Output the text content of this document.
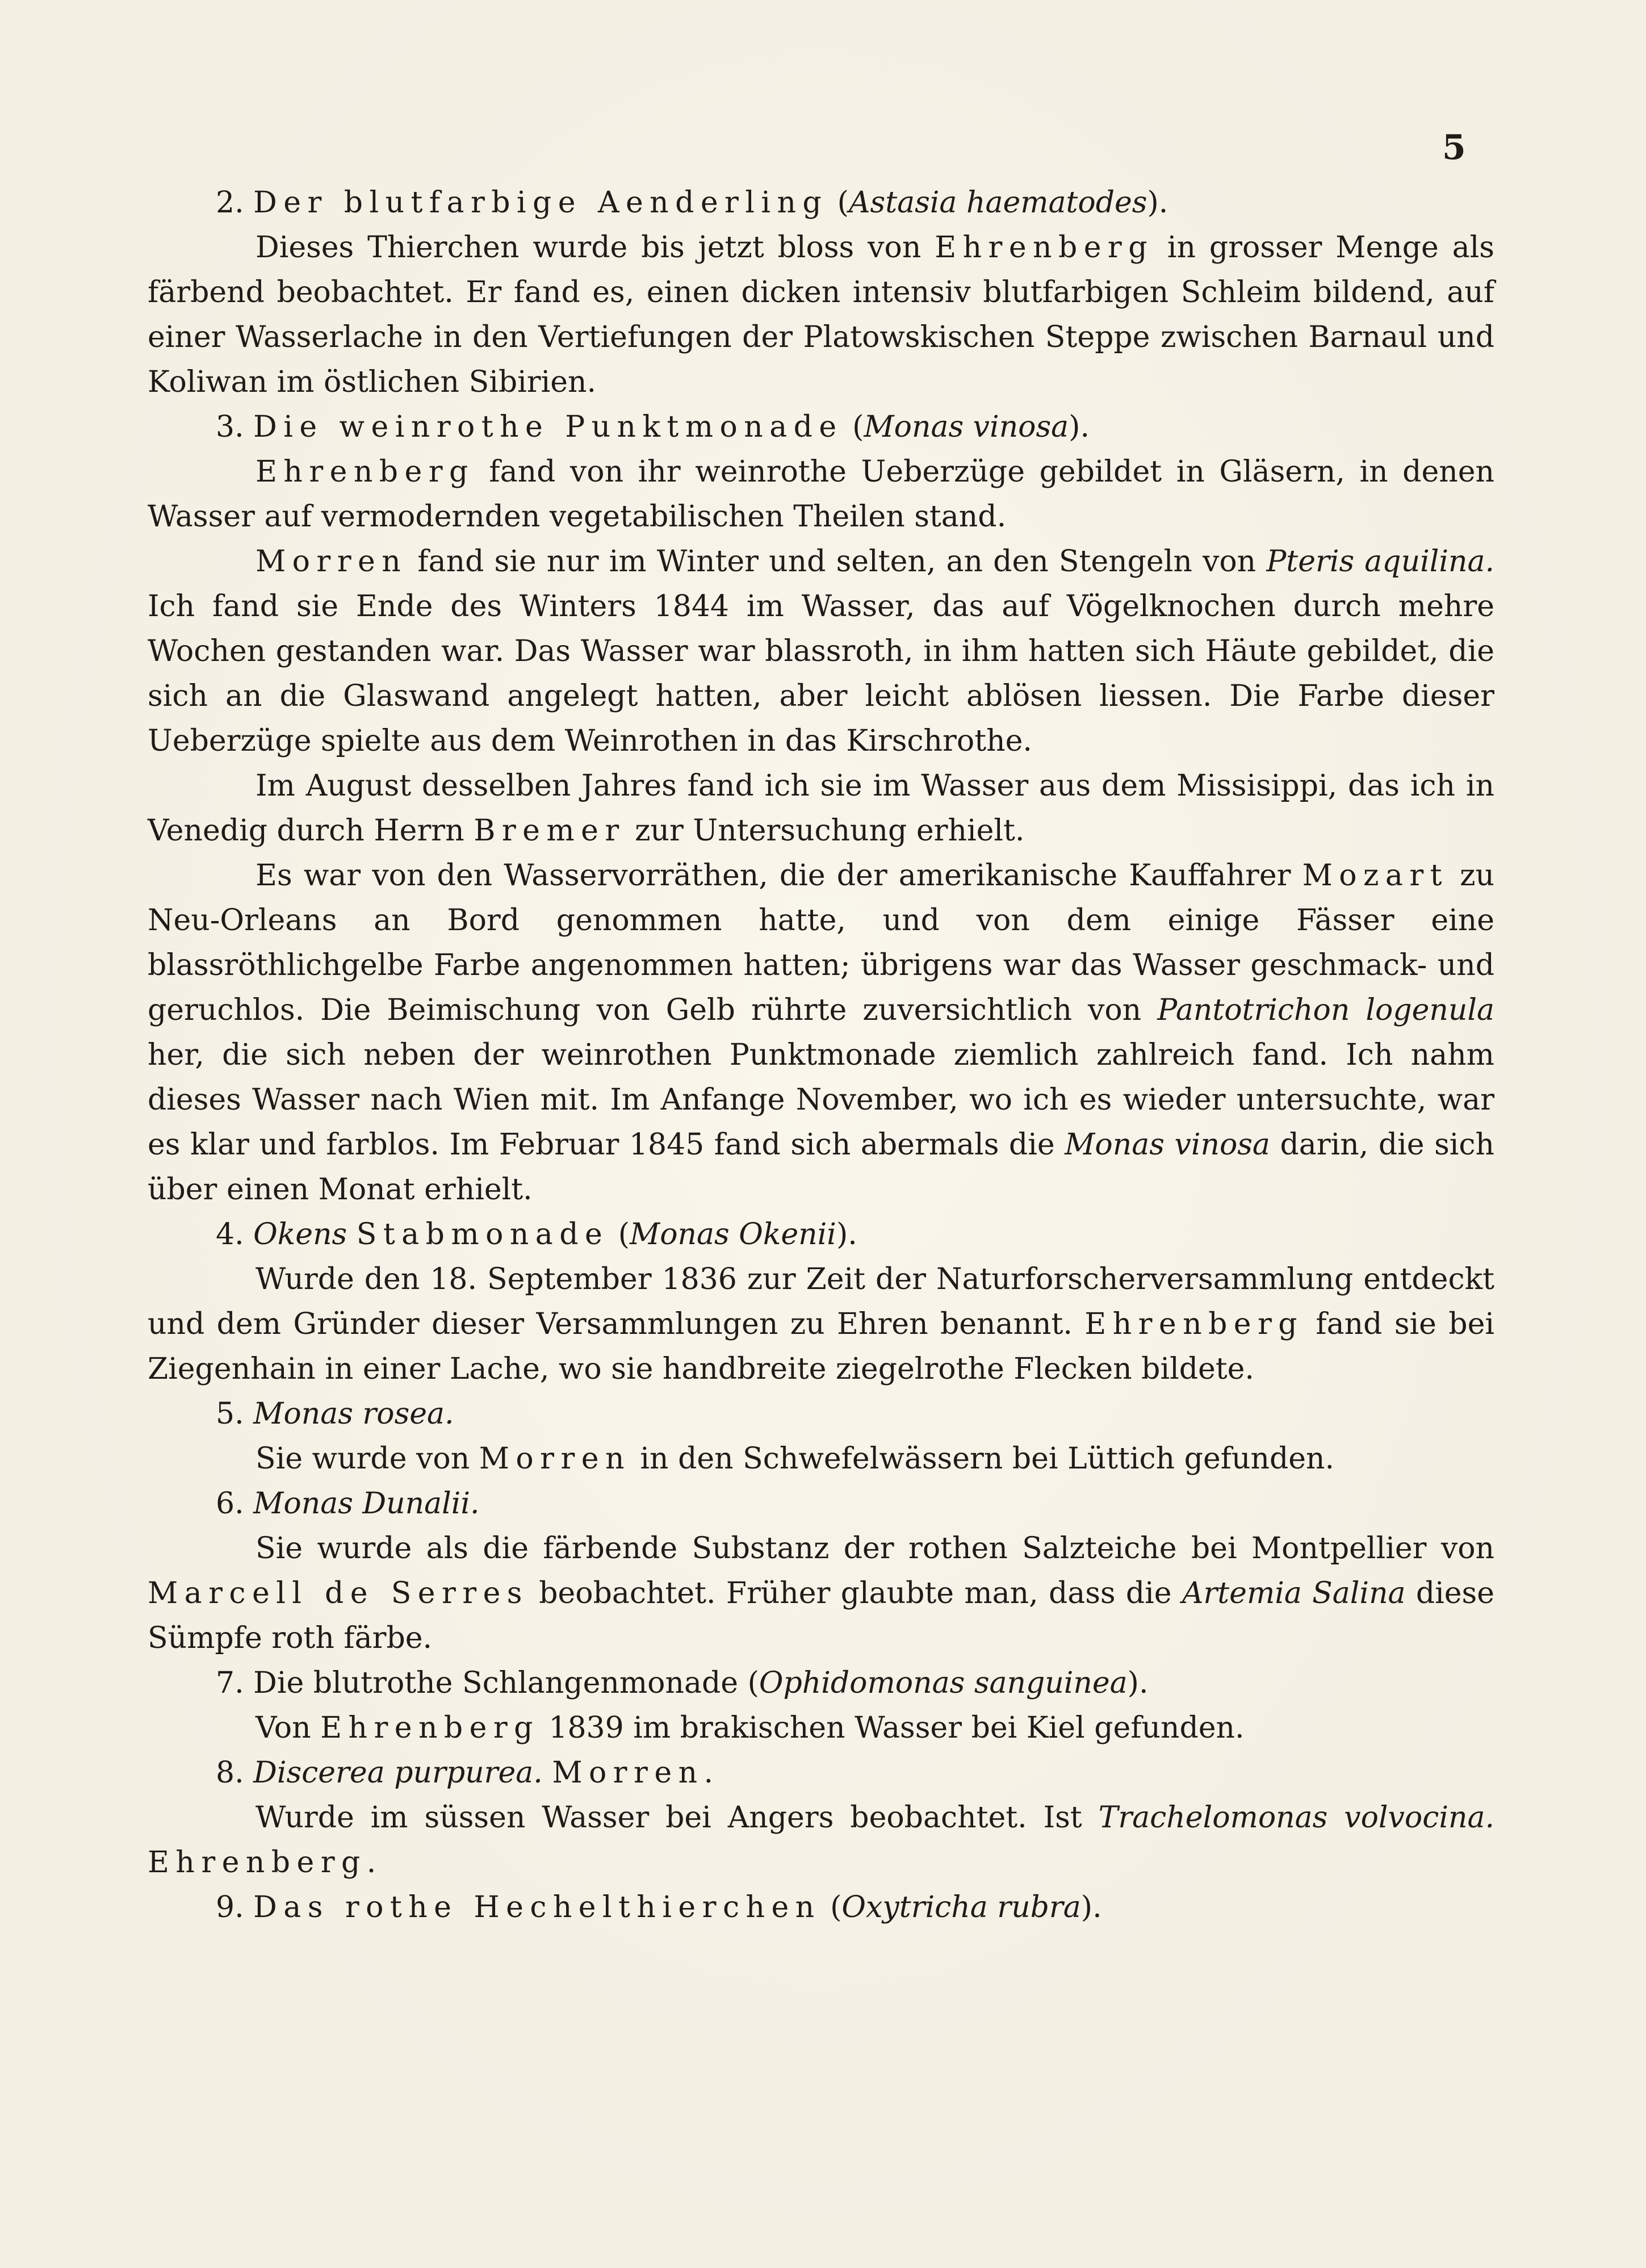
5

2. Der blutfarbige Aenderling (Astasia haematodes).

Dieses Thierchen wurde bis jetzt bloss von Ehrenberg in grosser Menge als färbend beobachtet. Er fand es, einen dicken intensiv blutfarbigen Schleim bildend, auf einer Wasserlache in den Vertiefungen der Platowskischen Steppe zwischen Barnaul und Koliwan im östlichen Sibirien.

3. Die weinrothe Punktmonade (Monas vinosa).

Ehrenberg fand von ihr weinrothe Ueberzüge gebildet in Gläsern, in denen Wasser auf vermodernden vegetabilischen Theilen stand.

Morren fand sie nur im Winter und selten, an den Stengeln von Pteris aquilina. Ich fand sie Ende des Winters 1844 im Wasser, das auf Vögelknochen durch mehre Wochen gestanden war. Das Wasser war blassroth, in ihm hatten sich Häute gebildet, die sich an die Glaswand angelegt hatten, aber leicht ablösen liessen. Die Farbe dieser Ueberzüge spielte aus dem Weinrothen in das Kirschrothe.

Im August desselben Jahres fand ich sie im Wasser aus dem Missisippi, das ich in Venedig durch Herrn Bremer zur Untersuchung erhielt.

Es war von den Wasservorräthen, die der amerikanische Kauffahrer Mozart zu Neu-Orleans an Bord genommen hatte, und von dem einige Fässer eine blassröthlichgelbe Farbe angenommen hatten; übrigens war das Wasser geschmack- und geruchlos. Die Beimischung von Gelb rührte zuversichtlich von Pantotrichon logenula her, die sich neben der weinrothen Punktmonade ziemlich zahlreich fand. Ich nahm dieses Wasser nach Wien mit. Im Anfange November, wo ich es wieder untersuchte, war es klar und farblos. Im Februar 1845 fand sich abermals die Monas vinosa darin, die sich über einen Monat erhielt.

4. Okens Stabmonade (Monas Okenii).

Wurde den 18. September 1836 zur Zeit der Naturforscherversammlung entdeckt und dem Gründer dieser Versammlungen zu Ehren benannt. Ehrenberg fand sie bei Ziegenhain in einer Lache, wo sie handbreite ziegelrothe Flecken bildete.

5. Monas rosea.

Sie wurde von Morren in den Schwefelwässern bei Lüttich gefunden.

6. Monas Dunalii.

Sie wurde als die färbende Substanz der rothen Salzteiche bei Montpellier von Marcell de Serres beobachtet. Früher glaubte man, dass die Artemia Salina diese Sümpfe roth färbe.

7. Die blutrothe Schlangenmonade (Ophidomonas sanguinea).

Von Ehrenberg 1839 im brakischen Wasser bei Kiel gefunden.

8. Discerea purpurea. Morren.

Wurde im süssen Wasser bei Angers beobachtet. Ist Trachelomonas volvocina. Ehrenberg.

9. Das rothe Hechelthierchen (Oxytricha rubra).
